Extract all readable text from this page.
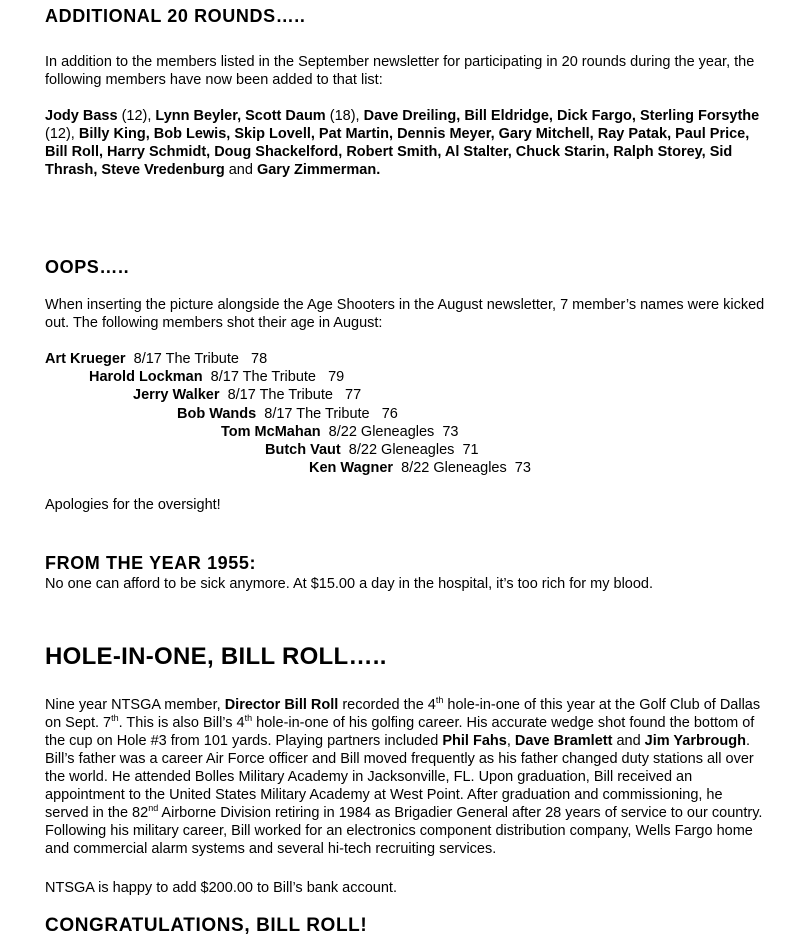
ADDITIONAL 20 ROUNDS…..

In addition to the members listed in the September newsletter for participating in 20 rounds during the year, the following members have now been added to that list:

Jody Bass (12), Lynn Beyler, Scott Daum (18), Dave Dreiling, Bill Eldridge, Dick Fargo, Sterling Forsythe (12), Billy King, Bob Lewis, Skip Lovell, Pat Martin, Dennis Meyer, Gary Mitchell, Ray Patak, Paul Price, Bill Roll, Harry Schmidt, Doug Shackelford, Robert Smith, Al Stalter, Chuck Starin, Ralph Storey, Sid Thrash, Steve Vredenburg and Gary Zimmerman.

OOPS…..

When inserting the picture alongside the Age Shooters in the August newsletter, 7 member’s names were kicked out. The following members shot their age in August:

Art Krueger  8/17 The Tribute   78
Harold Lockman  8/17 The Tribute   79
Jerry Walker  8/17 The Tribute   77
Bob Wands  8/17 The Tribute   76
Tom McMahan  8/22 Gleneagles  73
Butch Vaut  8/22 Gleneagles  71
Ken Wagner  8/22 Gleneagles  73

Apologies for the oversight!

FROM THE YEAR 1955:

No one can afford to be sick anymore. At $15.00 a day in the hospital, it’s too rich for my blood.

HOLE-IN-ONE, BILL ROLL…..

Nine year NTSGA member, Director Bill Roll recorded the 4th hole-in-one of this year at the Golf Club of Dallas on Sept. 7th. This is also Bill’s 4th hole-in-one of his golfing career. His accurate wedge shot found the bottom of the cup on Hole #3 from 101 yards. Playing partners included Phil Fahs, Dave Bramlett and Jim Yarbrough. Bill’s father was a career Air Force officer and Bill moved frequently as his father changed duty stations all over the world. He attended Bolles Military Academy in Jacksonville, FL. Upon graduation, Bill received an appointment to the United States Military Academy at West Point. After graduation and commissioning, he served in the 82nd Airborne Division retiring in 1984 as Brigadier General after 28 years of service to our country. Following his military career, Bill worked for an electronics component distribution company, Wells Fargo home and commercial alarm systems and several hi-tech recruiting services.

NTSGA is happy to add $200.00 to Bill’s bank account.

CONGRATULATIONS, BILL ROLL!
